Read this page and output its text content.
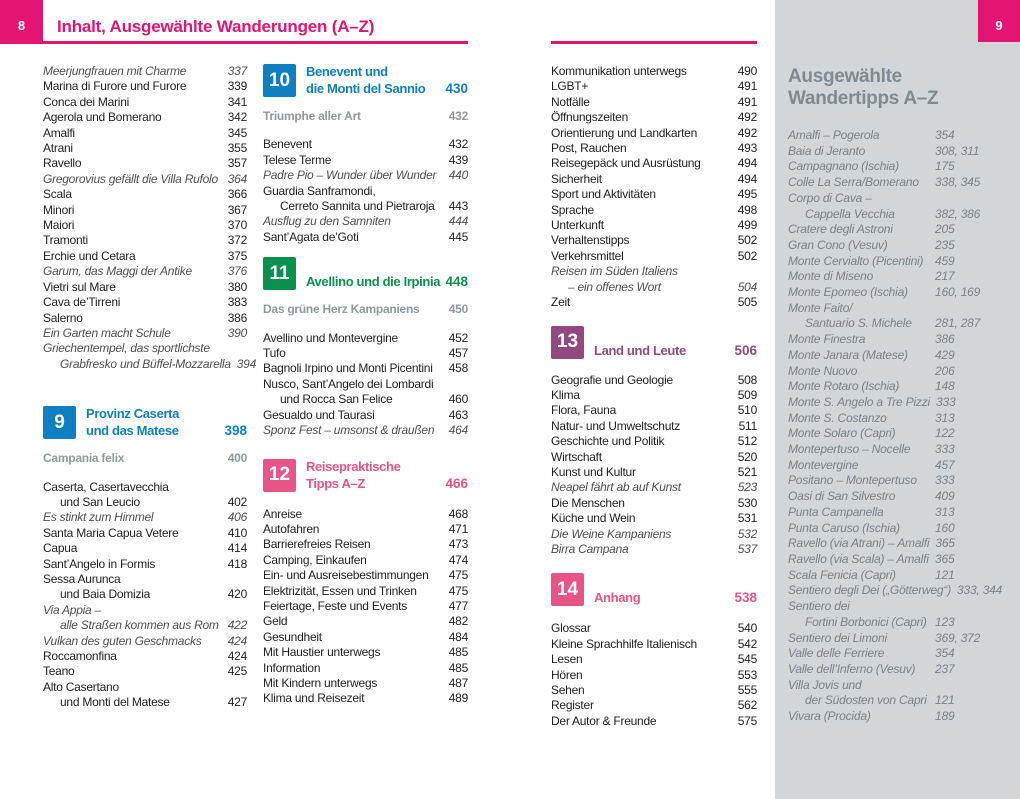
8 Inhalt, Ausgewählte Wanderungen (A–Z)
Meerjungfrauen mit Charme	337
Marina di Furore und Furore	339
Conca dei Marini	341
Agerola und Bomerano	342
Amalfi	345
Atrani	355
Ravello	357
Gregorovius gefällt die Villa Rufolo 364
Scala	366
Minori	367
Maiori	370
Tramonti	372
Erchie und Cetara	375
Garum, das Maggi der Antike	376
Vietri sul Mare	380
Cava de’Tirreni	383
Salerno	386
Ein Garten macht Schule	390
Griechentempel, das sportlichste
Grabfresko und Büffel-Mozzarella 394
9	Provinz Caserta
und das Matese	398
Campania felix	400
Caserta, Casertavecchia
und San Leucio	402
Es stinkt zum Himmel	406
Santa Maria Capua Vetere	410
Capua	414
Sant’Angelo in Formis	418
Sessa Aurunca
und Baia Domizia	420
Via Appia –
alle Straßen kommen aus Rom 422
Vulkan des guten Geschmacks 424
Roccamonfina	424
Teano	425
Alto Casertano
und Monti del Matese	427
10	Benevent und
die Monti del Sannio	430
Triumphe aller Art	432
Benevent	432
Telese Terme	439
Padre Pio – Wunder über Wunder 440
Guardia Sanframondi,
Cerreto Sannita und Pietraroja 443
Ausflug zu den Samniten	444
Sant’Agata de’Goti	445
11	Avellino und die Irpinia 448
Das grüne Herz Kampaniens 450
Avellino und Montevergine	452
Tufo	457
Bagnoli Irpino und Monti Picentini 458
Nusco, Sant’Angelo dei Lombardi
und Rocca San Felice	460
Gesualdo und Taurasi	463
Sponz Fest – umsonst & draußen 464
12	Reisepraktische
Tipps A–Z	466
Anreise	468
Autofahren	471
Barrierefreies Reisen	473
Camping, Einkaufen	474
Ein- und Ausreisebestimmungen 475
Elektrizität, Essen und Trinken	475
Feiertage, Feste und Events	477
Geld	482
Gesundheit	484
Mit Haustier unterwegs	485
Information	485
Mit Kindern unterwegs	487
Klima und Reisezeit	489
Kommunikation unterwegs	490
LGBT+	491
Notfälle	491
Öffnungszeiten	492
Orientierung und Landkarten	492
Post, Rauchen	493
Reisegepäck und Ausrüstung	494
Sicherheit	494
Sport und Aktivitäten	495
Sprache	498
Unterkunft	499
Verhaltenstipps	502
Verkehrsmittel	502
Reisen im Süden Italiens
– ein offenes Wort	504
Zeit	505
13	Land und Leute	506
Geografie und Geologie	508
Klima	509
Flora, Fauna	510
Natur- und Umweltschutz	511
Geschichte und Politik	512
Wirtschaft	520
Kunst und Kultur	521
Neapel fährt ab auf Kunst	523
Die Menschen	530
Küche und Wein	531
Die Weine Kampaniens	532
Birra Campana	537
14	Anhang	538
Glossar	540
Kleine Sprachhilfe Italienisch	542
Lesen	545
Hören	553
Sehen	555
Register	562
Der Autor & Freunde	575
9
Ausgewählte
Wandertipps A–Z
Amalfi – Pogerola	354
Baia di Jeranto	308, 311
Campagnano (Ischia)	175
Colle La Serra/Bomerano	338, 345
Corpo di Cava –
Cappella Vecchia	382, 386
Cratere degli Astroni	205
Gran Cono (Vesuv)	235
Monte Cervialto (Picentini) 459
Monte di Miseno	217
Monte Epomeo (Ischia)	160, 169
Monte Faito/
Santuario S. Michele	281, 287
Monte Finestra	386
Monte Janara (Matese)	429
Monte Nuovo	206
Monte Rotaro (Ischia)	148
Monte S. Angelo a Tre Pizzi 333
Monte S. Costanzo	313
Monte Solaro (Capri)	122
Montepertuso – Nocelle	333
Montevergine	457
Positano – Montepertuso	333
Oasi di San Silvestro	409
Punta Campanella	313
Punta Caruso (Ischia)	160
Ravello (via Atrani) – Amalfi 365
Ravello (via Scala) – Amalfi 365
Scala Fenicia (Capri)	121
Sentiero degli Dei („Götterweg“) 333, 344
Sentiero dei
Fortini Borbonici (Capri) 123
Sentiero dei Limoni	369, 372
Valle delle Ferriere	354
Valle dell’Inferno (Vesuv)	237
Villa Jovis und
der Südosten von Capri 121
Vivara (Procida)	189
